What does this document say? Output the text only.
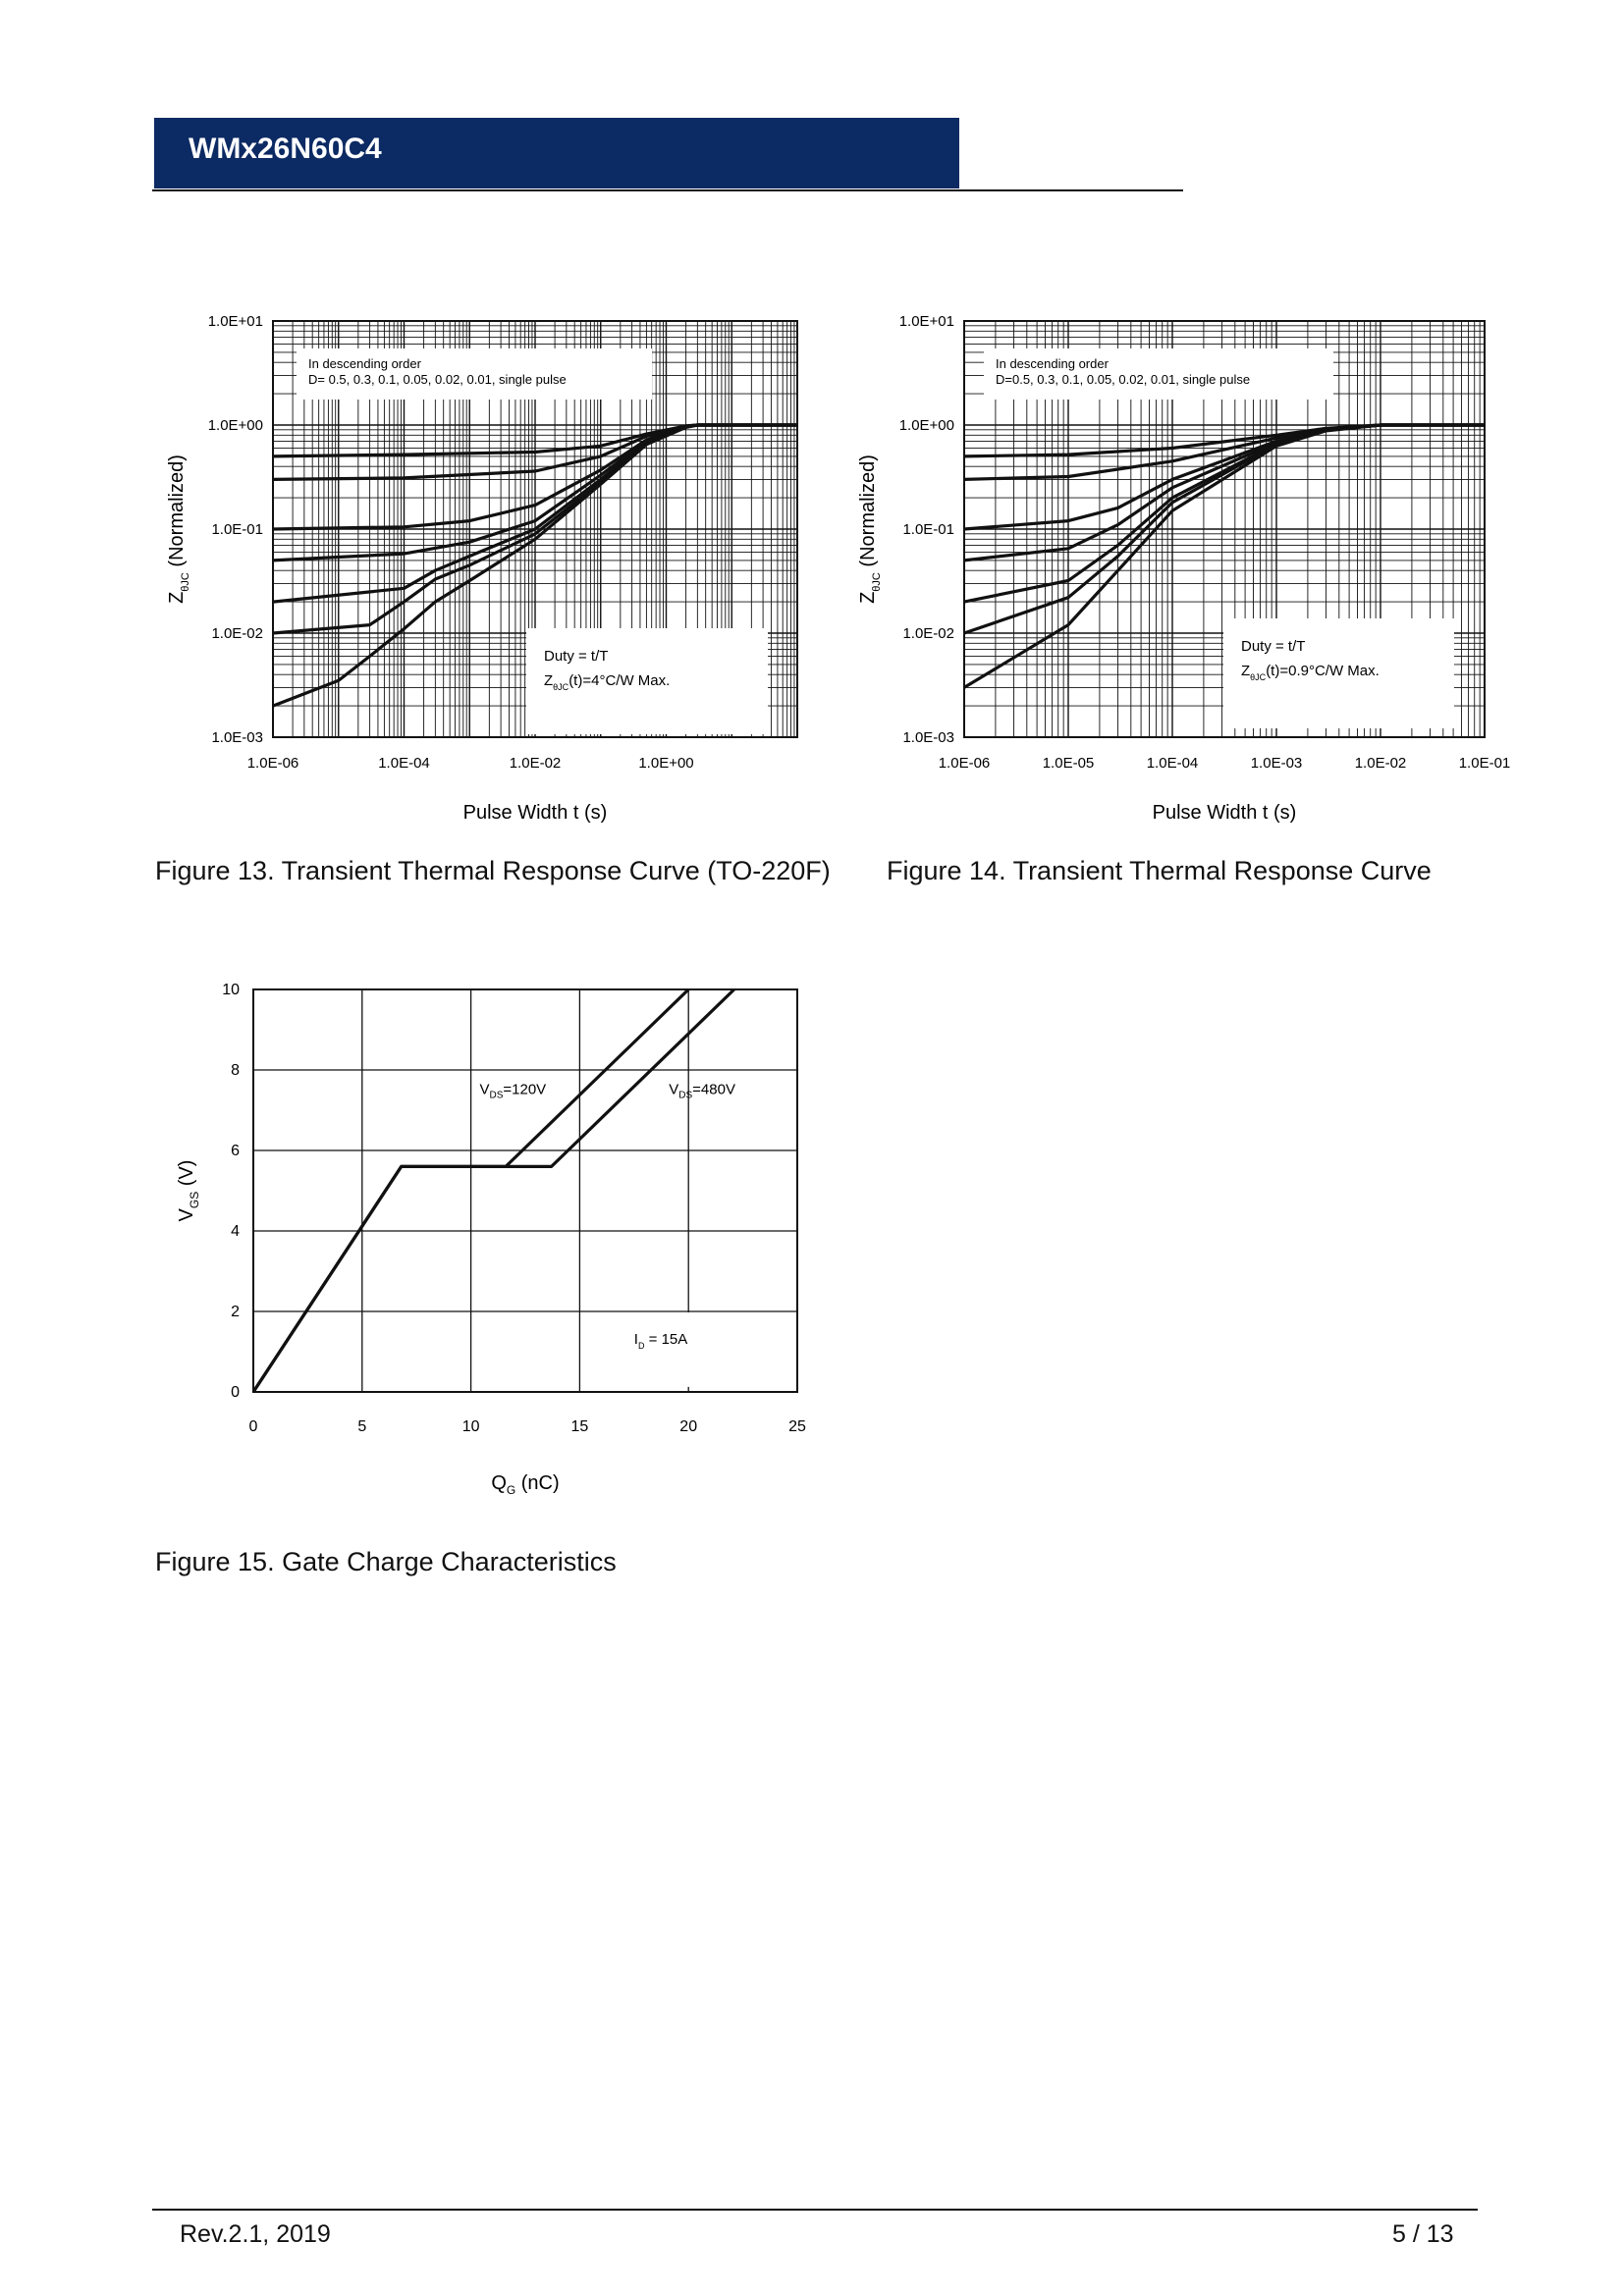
WMx26N60C4
In descending order
D= 0.5, 0.3, 0.1, 0.05, 0.02, 0.01, single pulse
Duty = t/T
$Z_{\theta JC}(t)=4^\circ C/W$ Max.
1.0E-03
1.0E-02
1.0E-01
1.0E+00
1.0E+01
1.0E-06	1.0E-04	1.0E-02	1.0E+00
Pulse Width t (s)
$Z_{\theta JC}$ (Normalized)
Figure 13. Transient Thermal Response Curve (TO-220F)
In descending order
D=0.5, 0.3, 0.1, 0.05, 0.02, 0.01, single pulse
Duty = t/T
$Z_{\theta JC}(t)=0.9^\circ C/W$ Max.
1.0E-03
1.0E-02
1.0E-01
1.0E+00
1.0E+01
1.0E-06	1.0E-05	1.0E-04	1.0E-03	1.0E-02	1.0E-01
Pulse Width t (s)
$Z_{\theta JC}$ (Normalized)
Figure 14. Transient Thermal Response Curve
$V_{DS}=120V$	$V_{DS}=480V$
$I_D = 15A$
0
2
4
6
8
10
0	5	10	15	20	25
$Q_G$ (nC)
$V_{GS}$ (V)
Figure 15. Gate Charge Characteristics
Rev.2.1, 2019	5 / 13
